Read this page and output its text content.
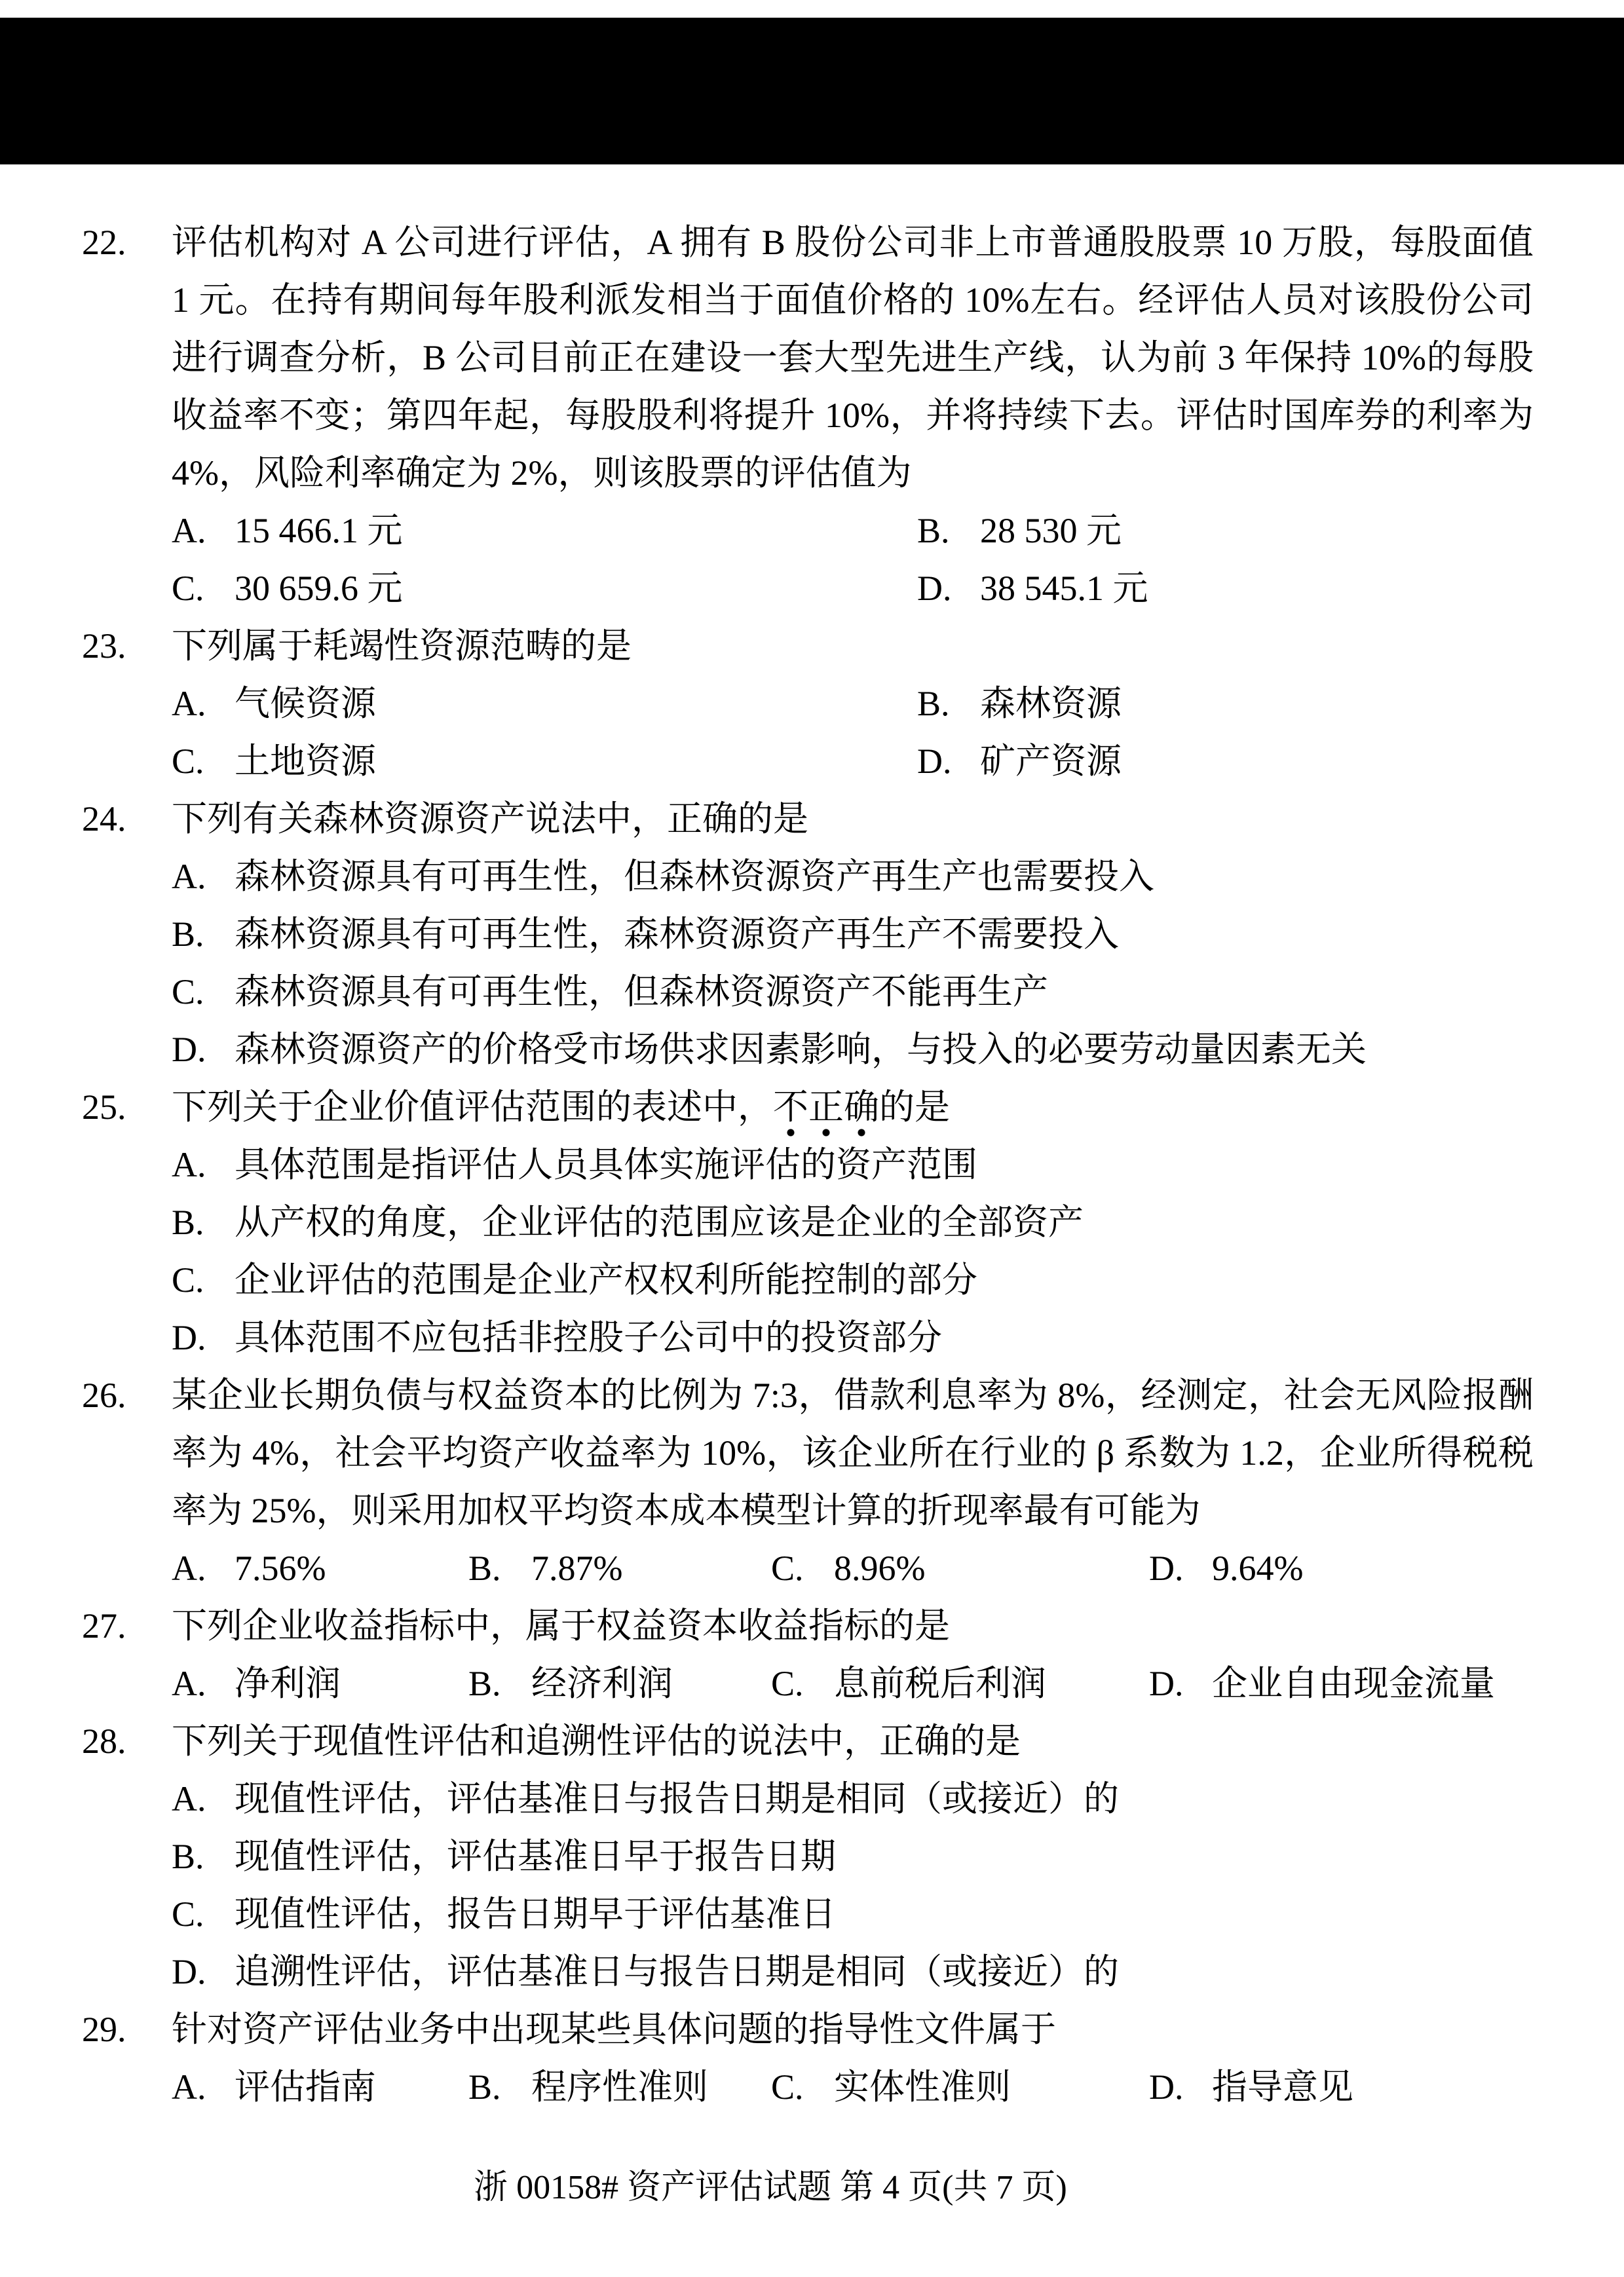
22.	评估机构对 A 公司进行评估，A 拥有 B 股份公司非上市普通股股票 10 万股，每股面值 1 元。在持有期间每年股利派发相当于面值价格的 10%左右。经评估人员对该股份公司进行调查分析，B 公司目前正在建设一套大型先进生产线，认为前 3 年保持 10%的每股收益率不变；第四年起，每股股利将提升 10%，并将持续下去。评估时国库券的利率为 4%，风险利率确定为 2%，则该股票的评估值为
A. 15 466.1 元	B. 28 530 元
C. 30 659.6 元	D. 38 545.1 元
23.	下列属于耗竭性资源范畴的是
A. 气候资源	B. 森林资源
C. 土地资源	D. 矿产资源
24.	下列有关森林资源资产说法中，正确的是
A. 森林资源具有可再生性，但森林资源资产再生产也需要投入
B. 森林资源具有可再生性，森林资源资产再生产不需要投入
C. 森林资源具有可再生性，但森林资源资产不能再生产
D. 森林资源资产的价格受市场供求因素影响，与投入的必要劳动量因素无关
25.	下列关于企业价值评估范围的表述中，不正确的是
A. 具体范围是指评估人员具体实施评估的资产范围
B. 从产权的角度，企业评估的范围应该是企业的全部资产
C. 企业评估的范围是企业产权权利所能控制的部分
D. 具体范围不应包括非控股子公司中的投资部分
26.	某企业长期负债与权益资本的比例为 7:3，借款利息率为 8%，经测定，社会无风险报酬率为 4%，社会平均资产收益率为 10%，该企业所在行业的 β 系数为 1.2，企业所得税税率为 25%，则采用加权平均资本成本模型计算的折现率最有可能为
A. 7.56%	B. 7.87%	C. 8.96%	D. 9.64%
27.	下列企业收益指标中，属于权益资本收益指标的是
A. 净利润	B. 经济利润	C. 息前税后利润	D. 企业自由现金流量
28.	下列关于现值性评估和追溯性评估的说法中，正确的是
A. 现值性评估，评估基准日与报告日期是相同（或接近）的
B. 现值性评估，评估基准日早于报告日期
C. 现值性评估，报告日期早于评估基准日
D. 追溯性评估，评估基准日与报告日期是相同（或接近）的
29.	针对资产评估业务中出现某些具体问题的指导性文件属于
A. 评估指南	B. 程序性准则	C. 实体性准则	D. 指导意见
浙 00158# 资产评估试题 第 4 页(共 7 页)
